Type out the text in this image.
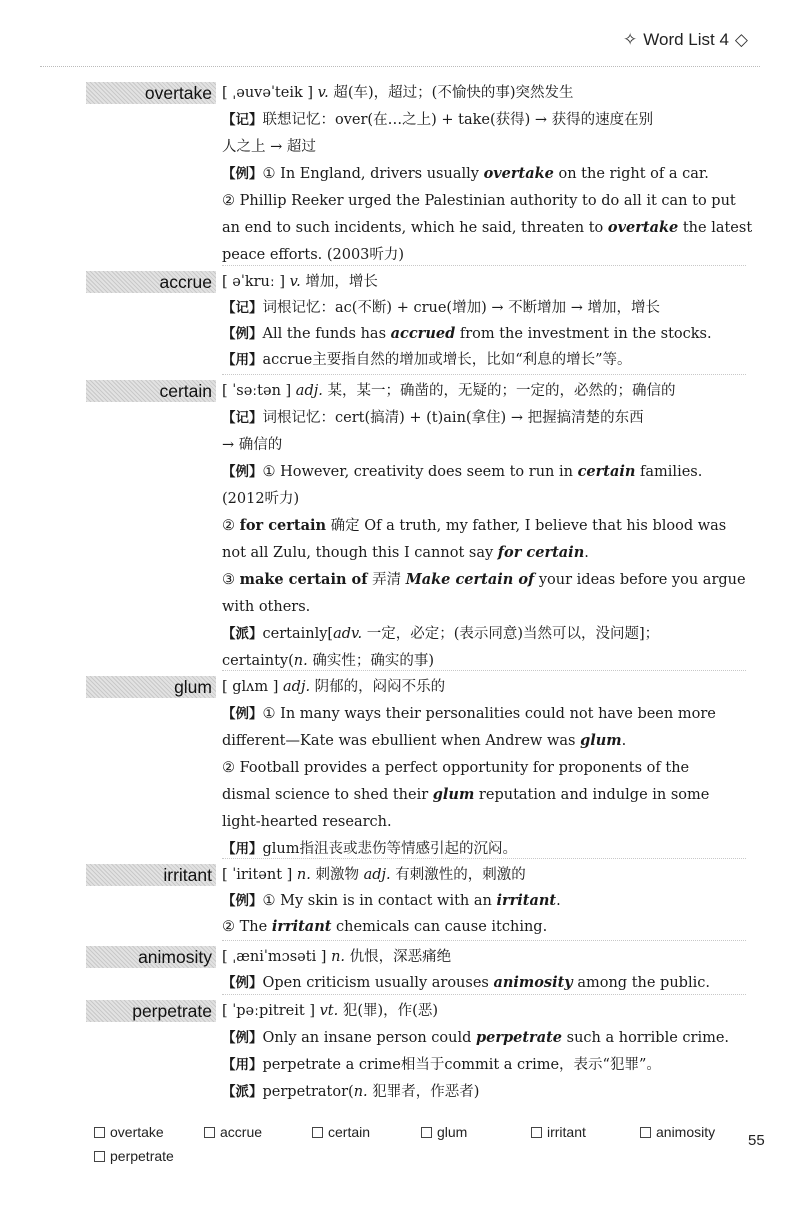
✧ Word List 4 ◇
overtake [ ˌəuvəˈteik ] v. 超(车)，超过；(不愉快的事)突然发生
【记】联想记忆：over(在…之上) + take(获得) → 获得的速度在别
人之上 → 超过
【例】① In England, drivers usually overtake on the right of a car.
② Phillip Reeker urged the Palestinian authority to do all it can to put
an end to such incidents, which he said, threaten to overtake the latest
peace efforts. (2003听力)
accrue [ əˈkruː ] v. 增加，增长
【记】词根记忆：ac(不断) + crue(增加) → 不断增加 → 增加，增长
【例】All the funds has accrued from the investment in the stocks.
【用】accrue主要指自然的增加或增长，比如“利息的增长”等。
certain [ ˈsəːtən ] adj. 某，某一；确凿的，无疑的；一定的，必然的；确信的
【记】词根记忆：cert(搞清) + (t)ain(拿住) → 把握搞清楚的东西
→ 确信的
【例】① However, creativity does seem to run in certain families.
(2012听力)
② for certain 确定 Of a truth, my father, I believe that his blood was
not all Zulu, though this I cannot say for certain.
③ make certain of 弄清 Make certain of your ideas before you argue
with others.
【派】certainly[adv. 一定，必定；(表示同意)当然可以，没问题]；
certainty(n. 确实性；确实的事)
glum [ glʌm ] adj. 阴郁的，闷闷不乐的
【例】① In many ways their personalities could not have been more
different—Kate was ebullient when Andrew was glum.
② Football provides a perfect opportunity for proponents of the
dismal science to shed their glum reputation and indulge in some
light-hearted research.
【用】glum指沮丧或悲伤等情感引起的沉闷。
irritant [ ˈiritənt ] n. 刺激物 adj. 有刺激性的，刺激的
【例】① My skin is in contact with an irritant.
② The irritant chemicals can cause itching.
animosity [ ˌæniˈmɔsəti ] n. 仇恨，深恶痛绝
【例】Open criticism usually arouses animosity among the public.
perpetrate [ ˈpəːpitreit ] vt. 犯(罪)，作(恶)
【例】Only an insane person could perpetrate such a horrible crime.
【用】perpetrate a crime相当于commit a crime，表示“犯罪”。
【派】perpetrator(n. 犯罪者，作恶者)
overtake	accrue	certain	glum	irritant	animosity
perpetrate
55
